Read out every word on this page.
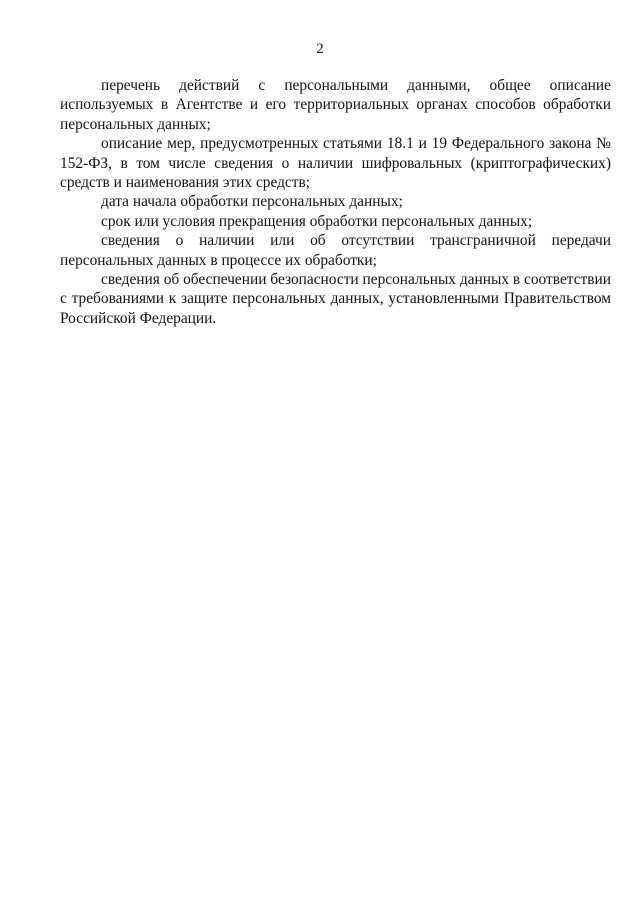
2

перечень действий с персональными данными, общее описание используемых в Агентстве и его территориальных органах способов обработки персональных данных;

описание мер, предусмотренных статьями 18.1 и 19 Федерального закона № 152-ФЗ, в том числе сведения о наличии шифровальных (криптографических) средств и наименования этих средств;

дата начала обработки персональных данных;

срок или условия прекращения обработки персональных данных;

сведения о наличии или об отсутствии трансграничной передачи персональных данных в процессе их обработки;

сведения об обеспечении безопасности персональных данных в соответствии с требованиями к защите персональных данных, установленными Правительством Российской Федерации.
